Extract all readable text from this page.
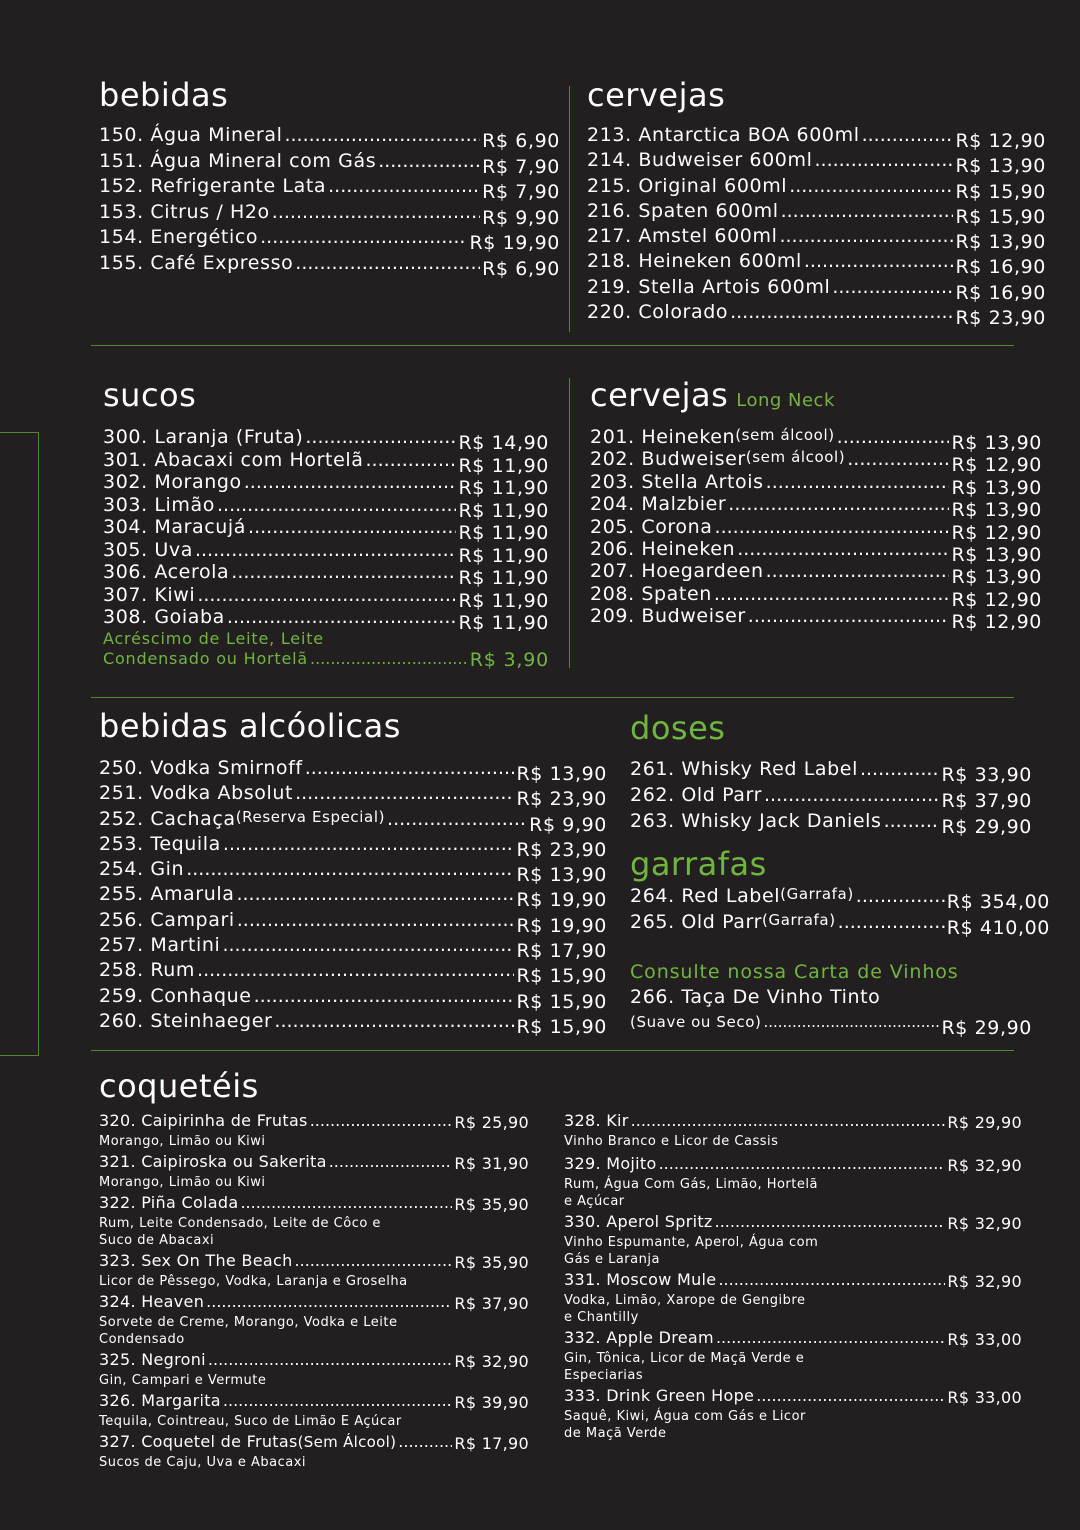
bebidas
150. Água Mineral .....	R$ 6,90
151. Água Mineral com Gás .....	R$ 7,90
152. Refrigerante Lata .....	R$ 7,90
153. Citrus / H2o .....	R$ 9,90
154. Energético .....	R$ 19,90
155. Café Expresso .....	R$ 6,90
cervejas
213. Antarctica BOA 600ml .....	R$ 12,90
214. Budweiser 600ml .....	R$ 13,90
215. Original 600ml .....	R$ 15,90
216. Spaten 600ml .....	R$ 15,90
217. Amstel 600ml .....	R$ 13,90
218. Heineken 600ml .....	R$ 16,90
219. Stella Artois 600ml .....	R$ 16,90
220. Colorado .....	R$ 23,90
sucos
300. Laranja (Fruta) .....	R$ 14,90
301. Abacaxi com Hortelã .....	R$ 11,90
302. Morango .....	R$ 11,90
303. Limão .....	R$ 11,90
304. Maracujá .....	R$ 11,90
305. Uva .....	R$ 11,90
306. Acerola .....	R$ 11,90
307. Kiwi .....	R$ 11,90
308. Goiaba .....	R$ 11,90
Acréscimo de Leite, Leite
Condensado ou Hortelã .....	R$ 3,90
cervejas Long Neck
201. Heineken (sem álcool) .....	R$ 13,90
202. Budweiser (sem álcool) .....	R$ 12,90
203. Stella Artois .....	R$ 13,90
204. Malzbier .....	R$ 13,90
205. Corona .....	R$ 12,90
206. Heineken .....	R$ 13,90
207. Hoegardeen .....	R$ 13,90
208. Spaten .....	R$ 12,90
209. Budweiser .....	R$ 12,90
bebidas alcóolicas
250. Vodka Smirnoff .....	R$ 13,90
251. Vodka Absolut .....	R$ 23,90
252. Cachaça (Reserva Especial) .....	R$ 9,90
253. Tequila .....	R$ 23,90
254. Gin .....	R$ 13,90
255. Amarula .....	R$ 19,90
256. Campari .....	R$ 19,90
257. Martini .....	R$ 17,90
258. Rum .....	R$ 15,90
259. Conhaque .....	R$ 15,90
260. Steinhaeger .....	R$ 15,90
doses
261. Whisky Red Label .....	R$ 33,90
262. Old Parr .....	R$ 37,90
263. Whisky Jack Daniels .....	R$ 29,90
garrafas
264. Red Label (Garrafa) .....	R$ 354,00
265. Old Parr (Garrafa) .....	R$ 410,00
Consulte nossa Carta de Vinhos
266. Taça De Vinho Tinto
(Suave ou Seco) .....	R$ 29,90
coquetéis
320. Caipirinha de Frutas .....	R$ 25,90
Morango, Limão ou Kiwi
321. Caipiroska ou Sakerita .....	R$ 31,90
Morango, Limão ou Kiwi
322. Piña Colada .....	R$ 35,90
Rum, Leite Condensado, Leite de Côco e
Suco de Abacaxi
323. Sex On The Beach .....	R$ 35,90
Licor de Pêssego, Vodka, Laranja e Groselha
324. Heaven .....	R$ 37,90
Sorvete de Creme, Morango, Vodka e Leite
Condensado
325. Negroni .....	R$ 32,90
Gin, Campari e Vermute
326. Margarita .....	R$ 39,90
Tequila, Cointreau, Suco de Limão E Açúcar
327. Coquetel de Frutas (Sem Álcool) .....	R$ 17,90
Sucos de Caju, Uva e Abacaxi
328. Kir .....	R$ 29,90
Vinho Branco e Licor de Cassis
329. Mojito .....	R$ 32,90
Rum, Água Com Gás, Limão, Hortelã
e Açúcar
330. Aperol Spritz .....	R$ 32,90
Vinho Espumante, Aperol, Água com
Gás e Laranja
331. Moscow Mule .....	R$ 32,90
Vodka, Limão, Xarope de Gengibre
e Chantilly
332. Apple Dream .....	R$ 33,00
Gin, Tônica, Licor de Maçã Verde e
Especiarias
333. Drink Green Hope .....	R$ 33,00
Saquê, Kiwi, Água com Gás e Licor
de Maçã Verde
